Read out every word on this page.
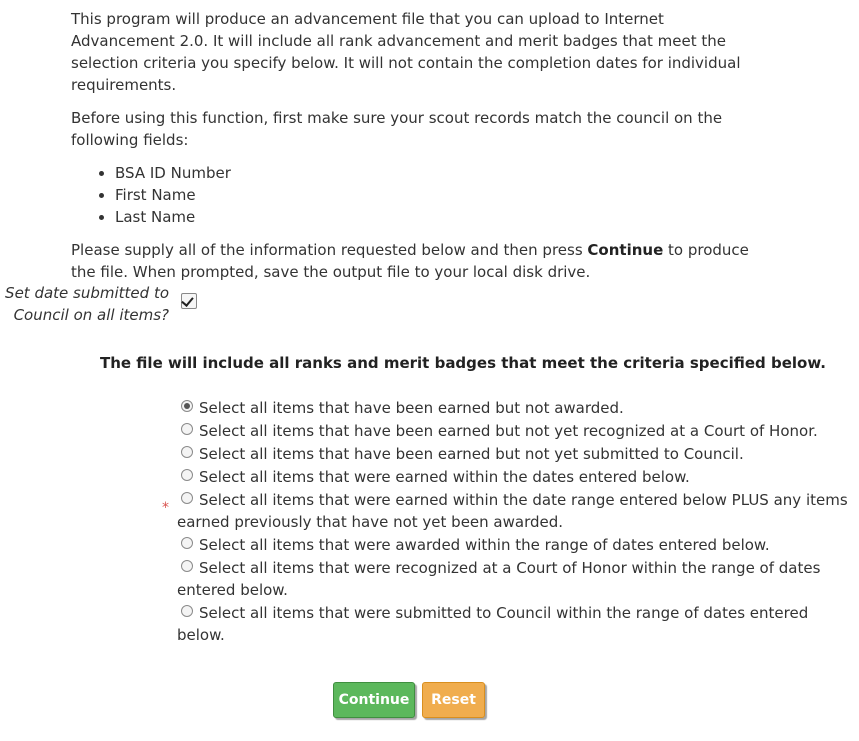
This program will produce an advancement file that you can upload to Internet Advancement 2.0. It will include all rank advancement and merit badges that meet the selection criteria you specify below. It will not contain the completion dates for individual requirements.

Before using this function, first make sure your scout records match the council on the following fields:

• BSA ID Number
• First Name
• Last Name

Please supply all of the information requested below and then press Continue to produce the file. When prompted, save the output file to your local disk drive.

Set date submitted to
Council on all items?
The file will include all ranks and merit badges that meet the criteria specified below.
*
Select all items that have been earned but not awarded.
Select all items that have been earned but not yet recognized at a Court of Honor.
Select all items that have been earned but not yet submitted to Council.
Select all items that were earned within the dates entered below.
Select all items that were earned within the date range entered below PLUS any items earned previously that have not yet been awarded.
Select all items that were awarded within the range of dates entered below.
Select all items that were recognized at a Court of Honor within the range of dates entered below.
Select all items that were submitted to Council within the range of dates entered below.
Continue	Reset
